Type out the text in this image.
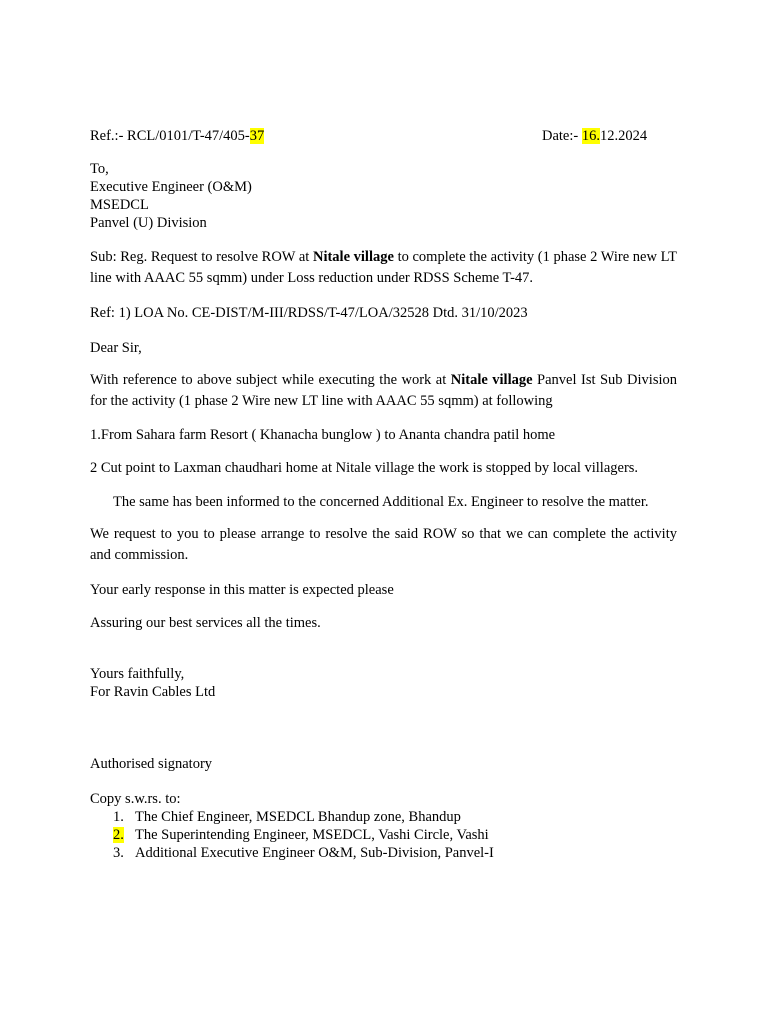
Ref.:- RCL/0101/T-47/405-37	Date:- 16.12.2024
To,
Executive Engineer (O&M)
MSEDCL
Panvel (U) Division
Sub: Reg. Request to resolve ROW at Nitale village to complete the activity (1 phase 2 Wire new LT line with AAAC 55 sqmm) under Loss reduction under RDSS Scheme T-47.
Ref: 1) LOA No. CE-DIST/M-III/RDSS/T-47/LOA/32528 Dtd. 31/10/2023
Dear Sir,
With reference to above subject while executing the work at Nitale village Panvel Ist Sub Division for the activity (1 phase 2 Wire new LT line with AAAC 55 sqmm) at following
1.From Sahara farm Resort ( Khanacha bunglow ) to Ananta chandra patil home
2 Cut point to Laxman chaudhari home at Nitale village the work is stopped by local villagers.
The same has been informed to the concerned Additional Ex. Engineer to resolve the matter.
We request to you to please arrange to resolve the said ROW so that we can complete the activity and commission.
Your early response in this matter is expected please
Assuring our best services all the times.
Yours faithfully,
For Ravin Cables Ltd
Authorised signatory
Copy s.w.rs. to:
1. The Chief Engineer, MSEDCL Bhandup zone, Bhandup
2. The Superintending Engineer, MSEDCL, Vashi Circle, Vashi
3. Additional Executive Engineer O&M, Sub-Division, Panvel-I
